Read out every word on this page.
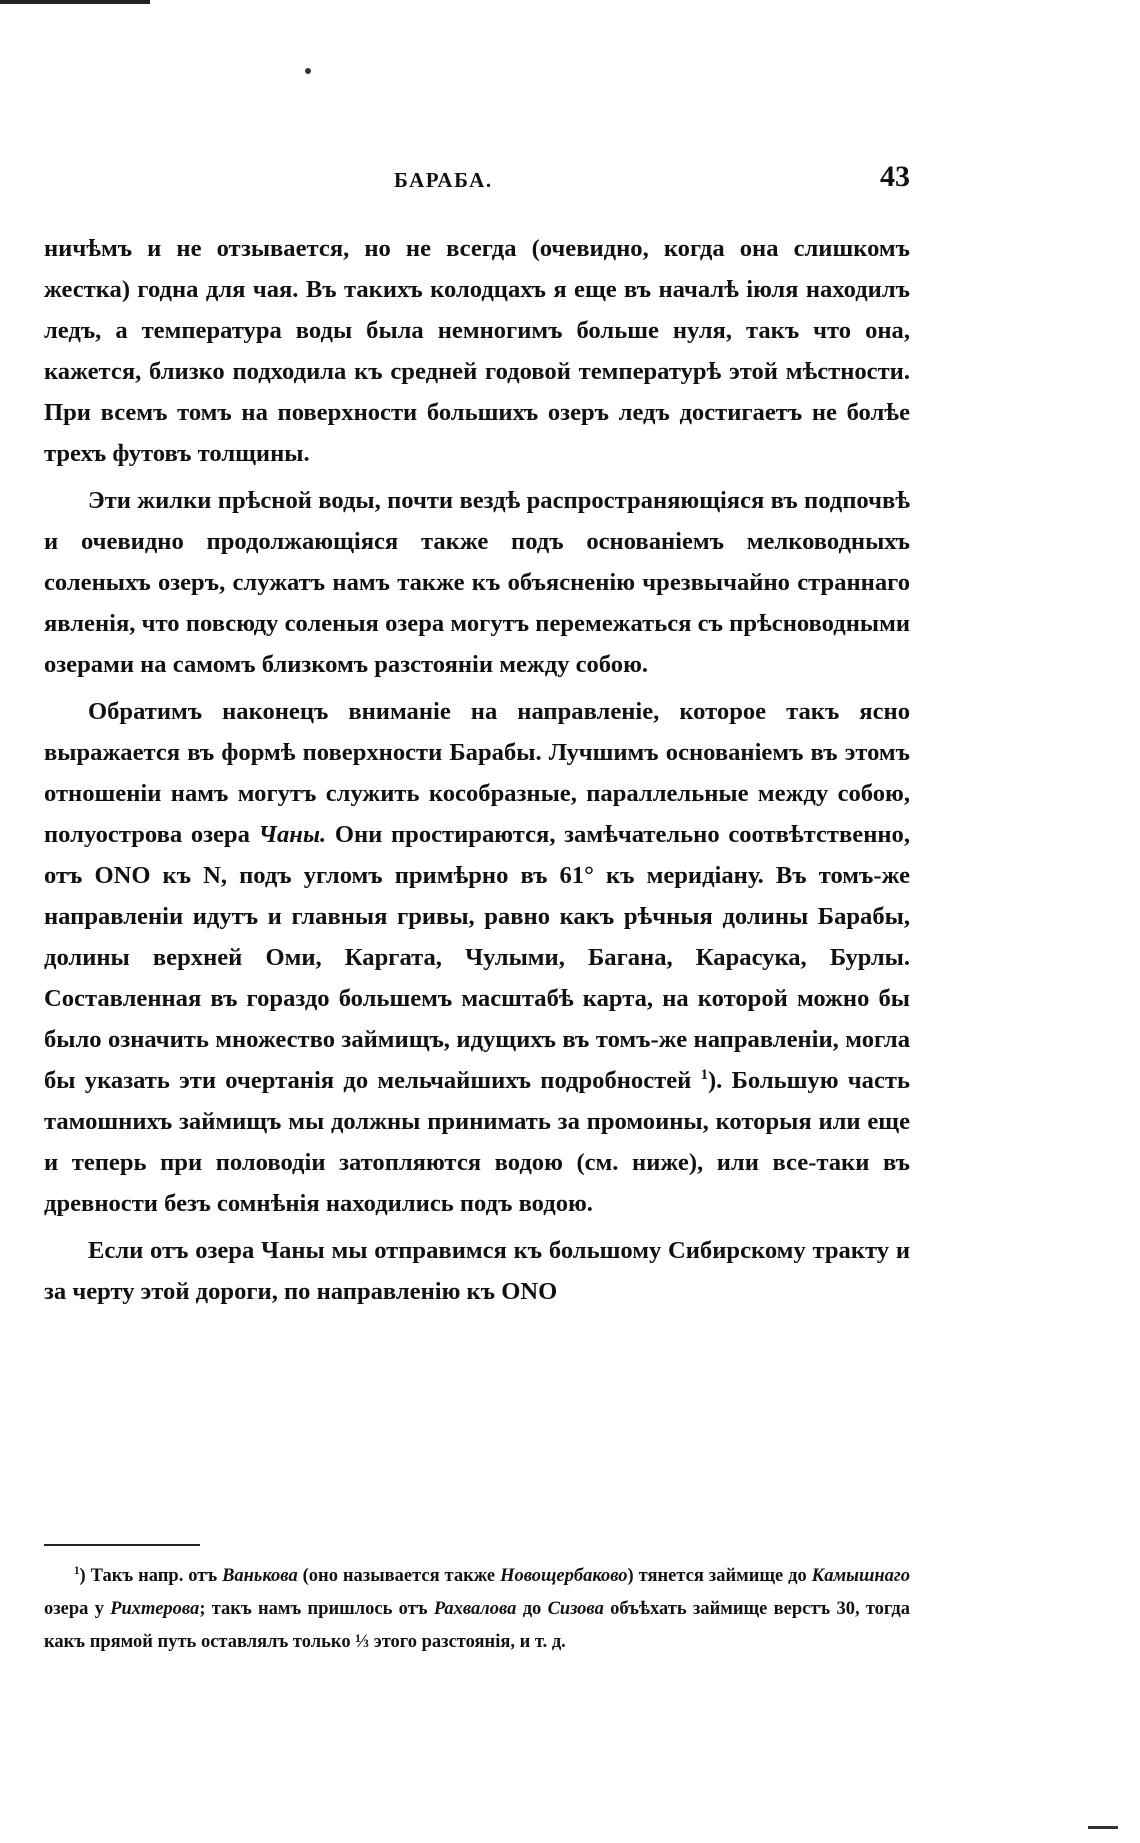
БАРАБА.	43

ничѣмъ и не отзывается, но не всегда (очевидно, когда она слишкомъ жестка) годна для чая. Въ такихъ колодцахъ я еще въ началѣ іюля находилъ ледъ, а температура воды была немногимъ больше нуля, такъ что она, кажется, близко подходила къ средней годовой температурѣ этой мѣстности. При всемъ томъ на поверхности большихъ озеръ ледъ достигаетъ не болѣе трехъ футовъ толщины.

Эти жилки прѣсной воды, почти вездѣ распространяющіяся въ подпочвѣ и очевидно продолжающіяся также подъ основаніемъ мелководныхъ соленыхъ озеръ, служатъ намъ также къ объясненію чрезвычайно страннаго явленія, что повсюду соленыя озера могутъ перемежаться съ прѣсноводными озерами на самомъ близкомъ разстояніи между собою.

Обратимъ наконецъ вниманіе на направленіе, которое такъ ясно выражается въ формѣ поверхности Барабы. Лучшимъ основаніемъ въ этомъ отношеніи намъ могутъ служить кособразные, параллельные между собою, полуострова озера Чаны. Они простираются, замѣчательно соотвѣтственно, отъ ONO къ N, подъ угломъ примѣрно въ 61° къ меридіану. Въ томъ-же направленіи идутъ и главныя гривы, равно какъ рѣчныя долины Барабы, долины верхней Оми, Каргата, Чулыми, Багана, Карасука, Бурлы. Составленная въ гораздо большемъ масштабѣ карта, на которой можно бы было означить множество займищъ, идущихъ въ томъ-же направленіи, могла бы указать эти очертанія до мельчайшихъ подробностей $^1$). Большую часть тамошнихъ займищъ мы должны принимать за промоины, которыя или еще и теперь при половодіи затопляются водою (см. ниже), или все-таки въ древности безъ сомнѣнія находились подъ водою.

Если отъ озера Чаны мы отправимся къ большому Сибирскому тракту и за черту этой дороги, по направленію къ ONO

$^1$) Такъ напр. отъ Ванькова (оно называется также Новощербаково) тянется займище до Камышнаго озера у Рихтерова; такъ намъ пришлось отъ Рахвалова до Сизова объѣхать займище верстъ 30, тогда какъ прямой путь оставлялъ только ⅓ этого разстоянія, и т. д.
